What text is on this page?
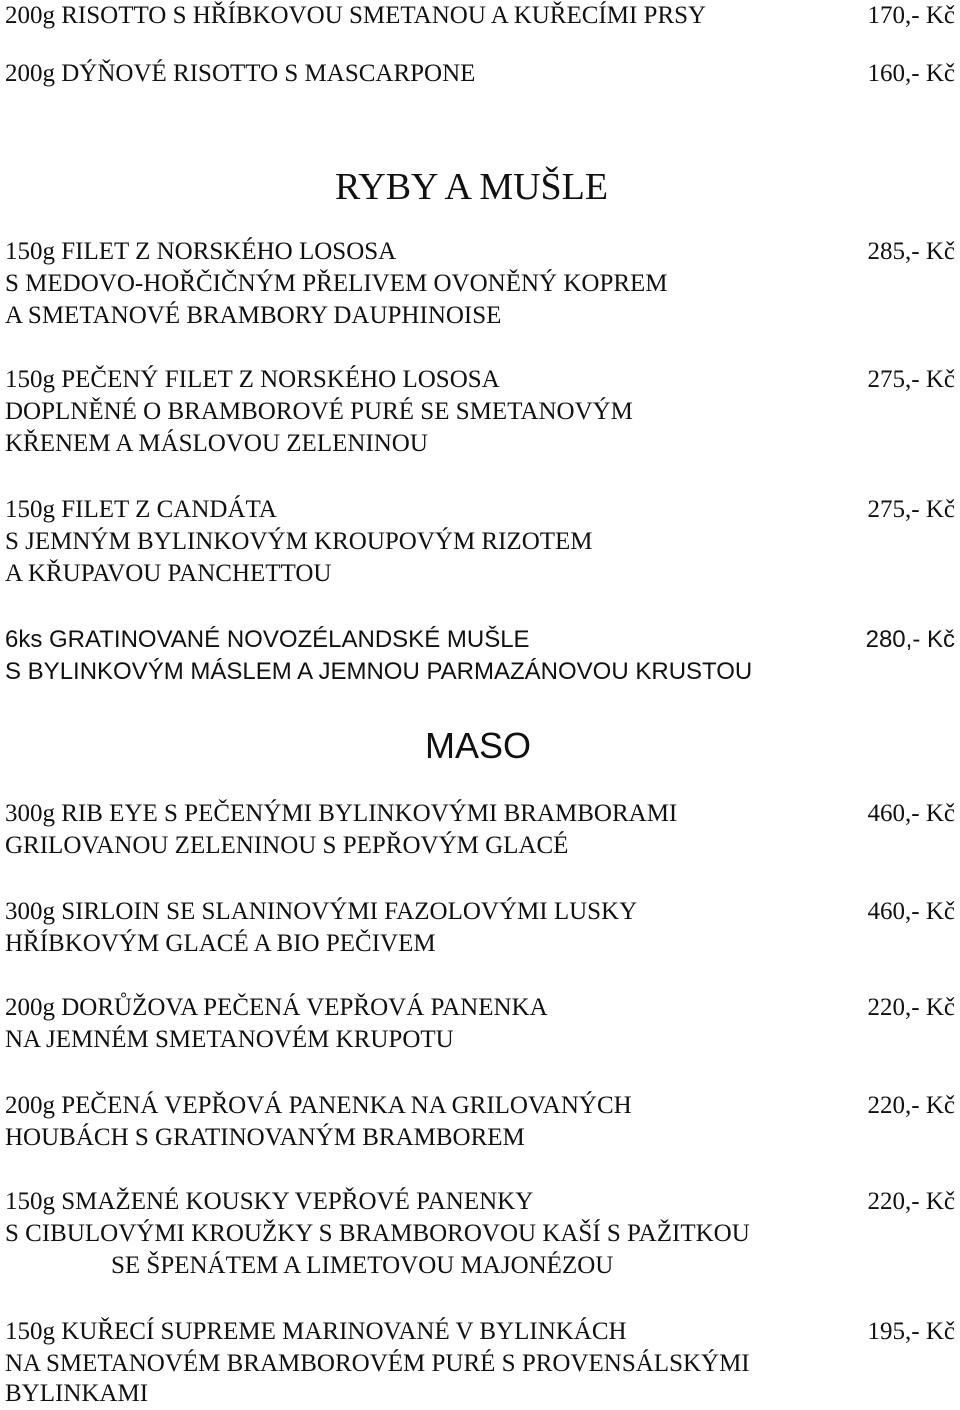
200g RISOTTO S HŘÍBKOVOU SMETANOU A KUŘECÍMI PRSY	170,- Kč
200g DÝŇOVÉ RISOTTO S MASCARPONE	160,- Kč
RYBY A MUŠLE
150g FILET Z NORSKÉHO LOSOSA
S MEDOVO-HOŘČIČNÝM PŘELIVEM OVONĚNÝ KOPREM
A SMETANOVÉ BRAMBORY DAUPHINOISE
285,- Kč
150g PEČENÝ FILET Z NORSKÉHO LOSOSA
DOPLNĚNÉ O BRAMBOROVÉ PURÉ SE SMETANOVÝM
KŘENEM A MÁSLOVOU ZELENINOU
275,- Kč
150g FILET Z CANDÁTA
S JEMNÝM BYLINKOVÝM KROUPOVÝM RIZOTEM
A KŘUPAVOU PANCHETTOU
275,- Kč
6ks GRATINOVANÉ NOVOZÉLANDSKÉ MUŠLE
S BYLINKOVÝM MÁSLEM A JEMNOU PARMAZÁNOVOU KRUSTOU
280,- Kč
MASO
300g RIB EYE S PEČENÝMI BYLINKOVÝMI BRAMBORAMI
GRILOVANOU ZELENINOU S PEPŘOVÝM GLACÉ
460,- Kč
300g SIRLOIN SE SLANINOVÝMI FAZOLOVÝMI LUSKY
HŘÍBKOVÝM GLACÉ A BIO PEČIVEM
460,- Kč
200g DORŮŽOVA PEČENÁ VEPŘOVÁ PANENKA
NA JEMNÉM SMETANOVÉM KRUPOTU
220,- Kč
200g PEČENÁ VEPŘOVÁ PANENKA NA GRILOVANÝCH
HOUBÁCH S GRATINOVANÝM BRAMBOREM
220,- Kč
150g SMAŽENÉ KOUSKY VEPŘOVÉ PANENKY
S CIBULOVÝMI KROUŽKY S BRAMBOROVOU KAŠÍ S PAŽITKOU
SE ŠPENÁTEM A LIMETOVOU MAJONÉZOU
220,- Kč
150g KUŘECÍ SUPREME MARINOVANÉ V BYLINKÁCH
NA SMETANOVÉM BRAMBOROVÉM PURÉ S PROVENSÁLSKÝMI
BYLINKAMI
195,- Kč
